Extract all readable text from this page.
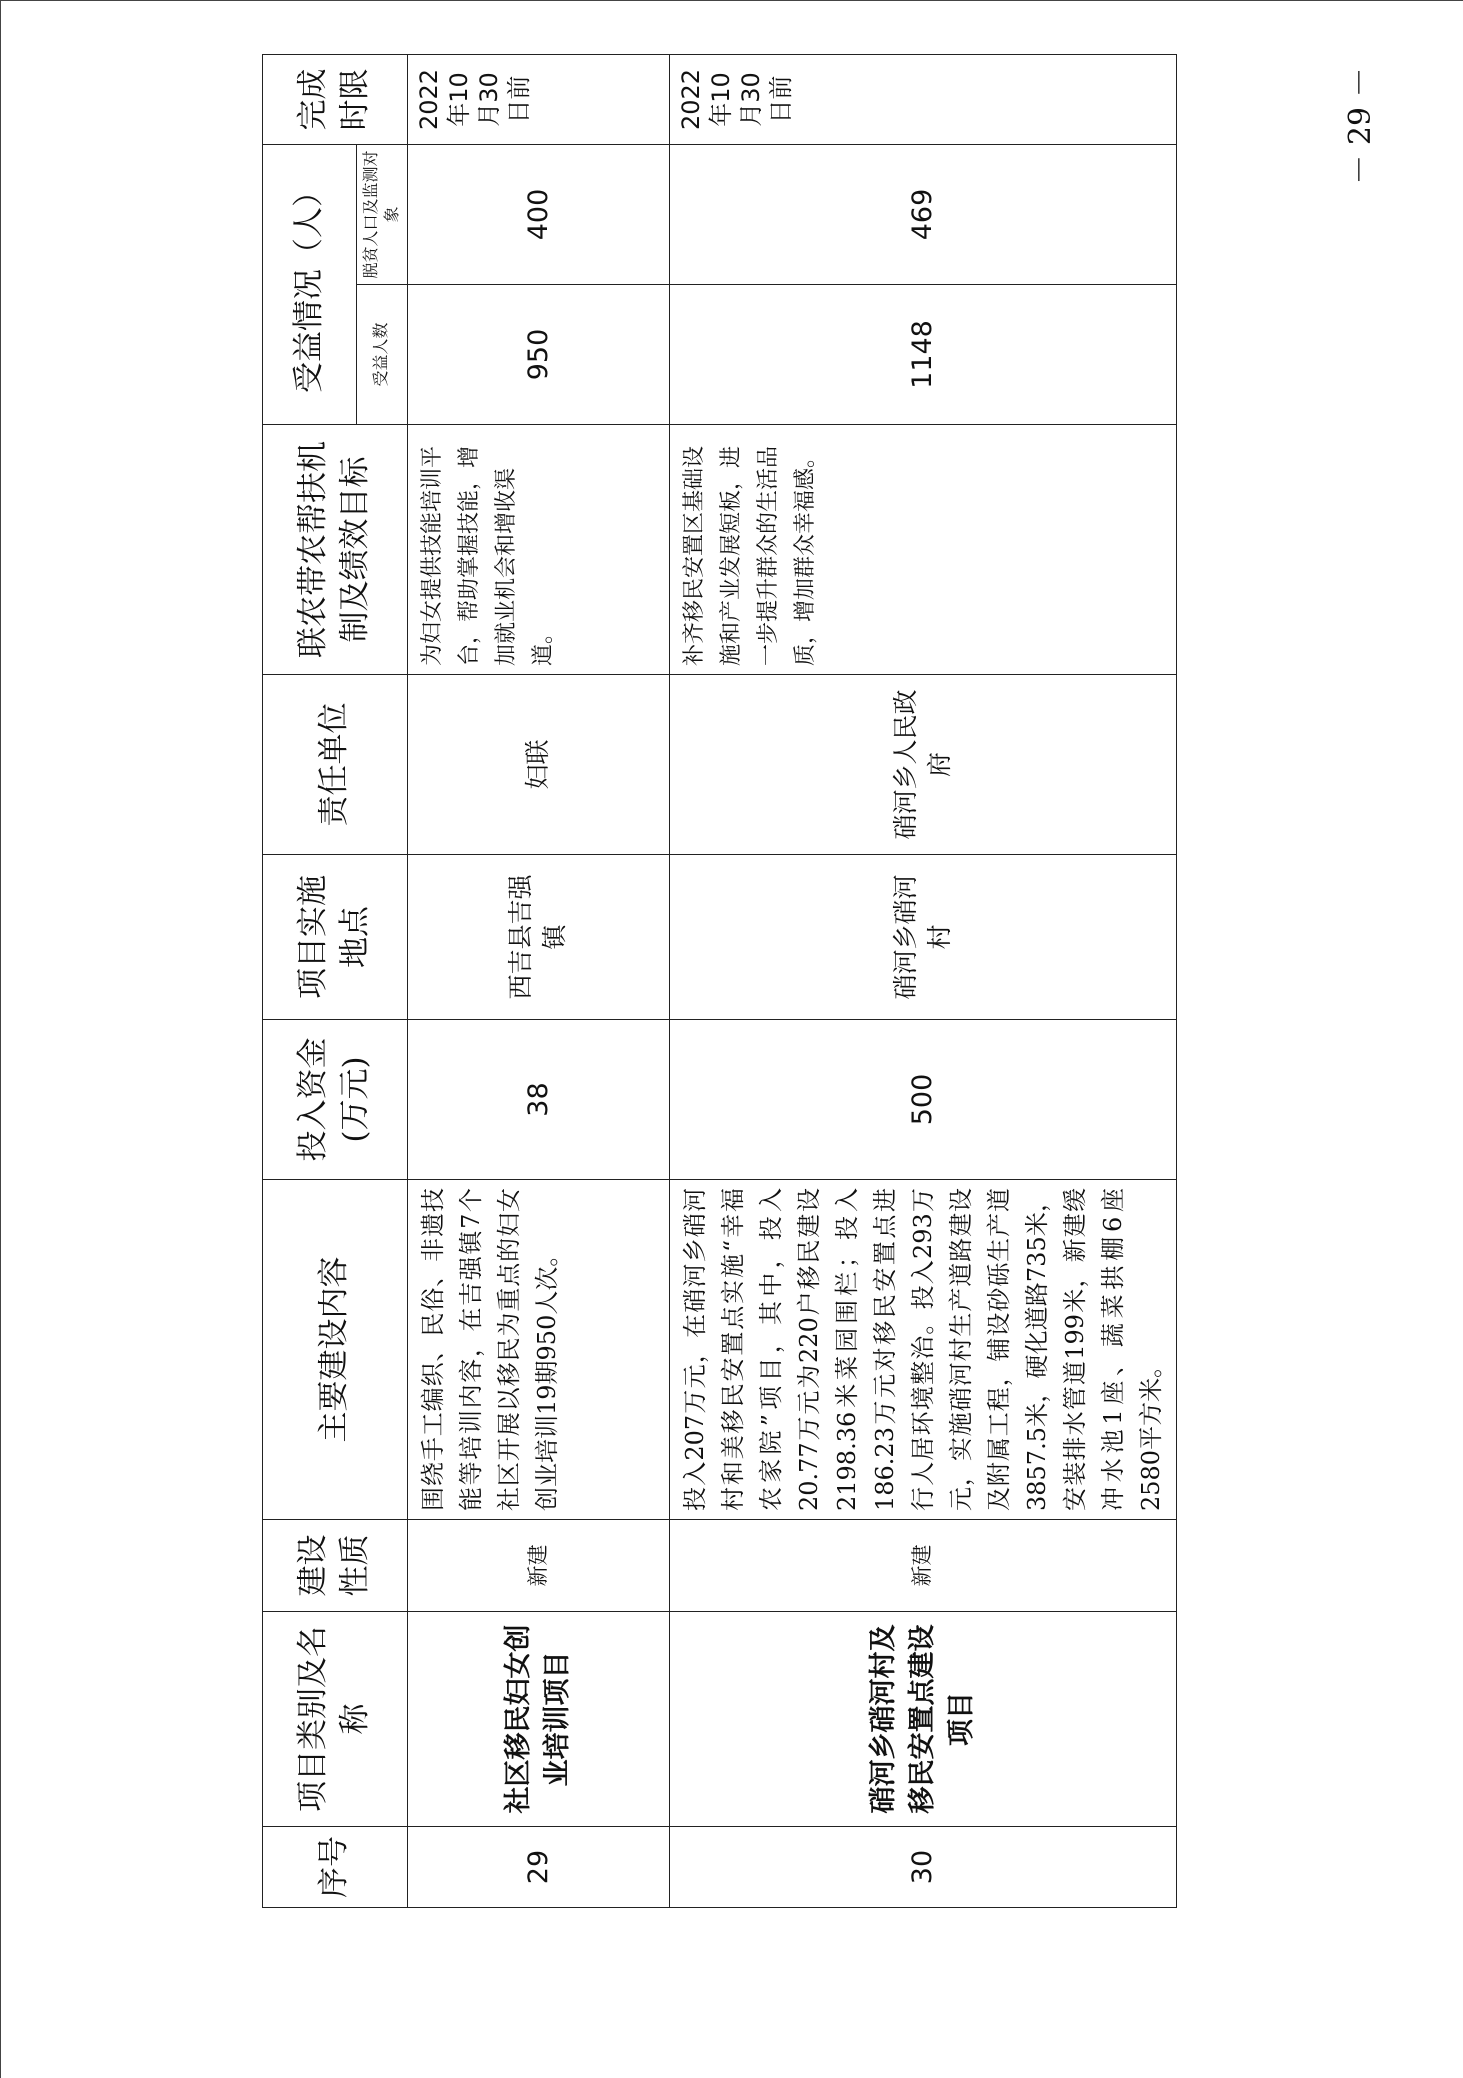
序号	项目类别及名称	建设性质	主要建设内容	投入资金(万元)	项目实施地点	责任单位	联农带农帮扶机制及绩效目标	受益情况（人）		完成时限
								受益人数	脱贫人口及监测对象	
29	社区移民妇女创业培训项目	新建	围绕手工编织、民俗、非遗技能等培训内容，在吉强镇7个社区开展以移民为重点的妇女创业培训19期950人次。	38	西吉县吉强镇	妇联	为妇女提供技能培训平台，帮助掌握技能，增加就业机会和增收渠道。	950	400	2022年10月30日前
30	硝河乡硝河村及移民安置点建设项目	新建	投入207万元，在硝河乡硝河村和美移民安置点实施“幸福农家院”项目，其中，投入20.77万元为220户移民建设2198.36米菜园围栏；投入186.23万元对移民安置点进行人居环境整治。投入293万元，实施硝河村生产道路建设及附属工程，铺设砂砾生产道3857.5米，硬化道路735米，安装排水管道199米，新建缓冲水池1座、蔬菜拱棚6座2580平方米。	500	硝河乡硝河村	硝河乡人民政府	补齐移民安置区基础设施和产业发展短板，进一步提升群众的生活品质，增加群众幸福感。	1148	469	2022年10月30日前	－ 29 －
